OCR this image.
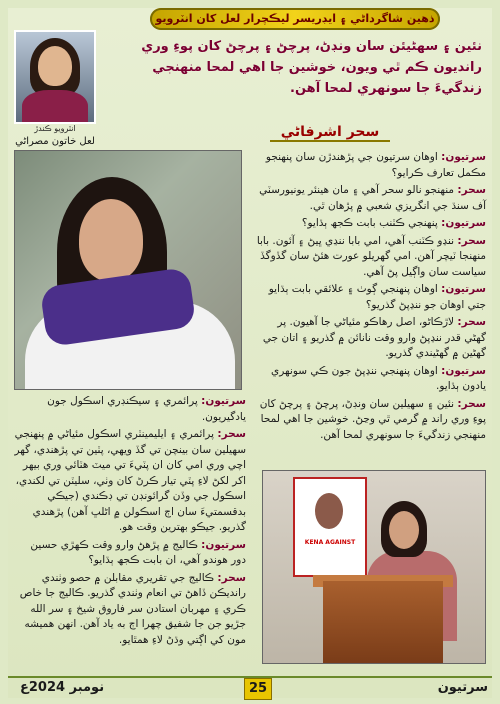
ذهين شاگرداڻي ۽ ايڊريسر ليڪچرار لعل کان انٽرويو
انٽرويو ڪندڙ
لعل خاتون مصراڻي
نئين ۽ سهڻيئن سان ونڊڻ، پرچڻ ۽ پرچڻ کان پوءِ وري رانديون ڪم ٿي ويون، خوشين جا اهي لمحا منهنجي زندگيءَ جا سونهري لمحا آهن.
سحر اشرفاڻي

سرتيون: اوهان سرتيون جي پڙهندڙن سان پنهنجو مڪمل تعارف ڪرايو؟

سحر: منهنجو نالو سحر آهي ۽ مان هينئر يونيورسٽي آف سنڌ جي انگريزي شعبي ۾ پڙهان ٿي.

سرتيون: پنهنجي ڪٽنب بابت ڪجھ ٻڌايو؟

سحر: ننڍو ڪٽنب آهي، امي بابا ننڍي ڀيڻ ۽ آئون. بابا منهنجا ٽيچر آهن. امي گهريلو عورت هئڻ سان گڏوگڏ سياست سان واڳيل پڻ آهي.

سرتيون: اوهان پنهنجي ڳوٺ ۽ علائقي بابت ٻڌايو جتي اوهان جو ننڍپڻ گذريو؟

سحر: لاڙڪاڻو، اصل رهاڪو مئياڻي جا آهيون. پر گهڻي قدر ننڍپڻ وارو وقت نانائن ۾ گذريو ۽ اتان جي گهڻين ۾ گهڻيندي گذريو.

سرتيون: اوهان پنهنجي ننڍپڻ جون ڪي سونهري يادون ٻڌايو.

سحر: نئين ۽ سهيلين سان ونڊڻ، پرچڻ ۽ پرچڻ کان پوءِ وري راند ۾ گرمي ٿي وڃڻ. خوشين جا اهي لمحا منهنجي زندگيءَ جا سونهري لمحا آهن.

سرتيون: پرائمري ۽ سيڪنڊري اسڪول جون يادگيريون.

سحر: پرائمري ۽ ايليمينٽري اسڪول مئياڻي ۾ پنهنجي سهيلين سان بينچن تي گڏ ويهي، پٽين تي پڙهندي، گهر اچي وري امي کان ان پٽيءَ تي ميٽ هٽائي وري بيهر اکر لکڻ لاءِ پٽي تيار ڪرڻ کان وٺي، سليٽن تي لکندي، اسڪول جي وڏن گرائونڊن تي ڊڪندي (جيڪي بدقسمتيءَ سان اڄ اسڪولن ۾ اڻلڀ آهن) پڙهندي گذريو. جيڪو بهترين وقت هو.

سرتيون: ڪاليج ۾ پڙهڻ وارو وقت ڪهڙي حسين دور هوندو آهي، ان بابت ڪجھ ٻڌايو؟

سحر: ڪاليج جي تقريري مقابلن ۾ حصو وٺندي رانديڪن ڏاهڻ تي انعام وٺندي گذريو. ڪاليج جا خاص ڪري ۽ مهربان استادن سر فاروق شيخ ۽ سر الله جڙيو جن جا شفيق چهرا اڄ به ياد آهن. انهن هميشه مون کي اڳتي وڌڻ لاءِ همٿايو.

KENA AGAINST
نومبر 2024ع	25	سرتيون
